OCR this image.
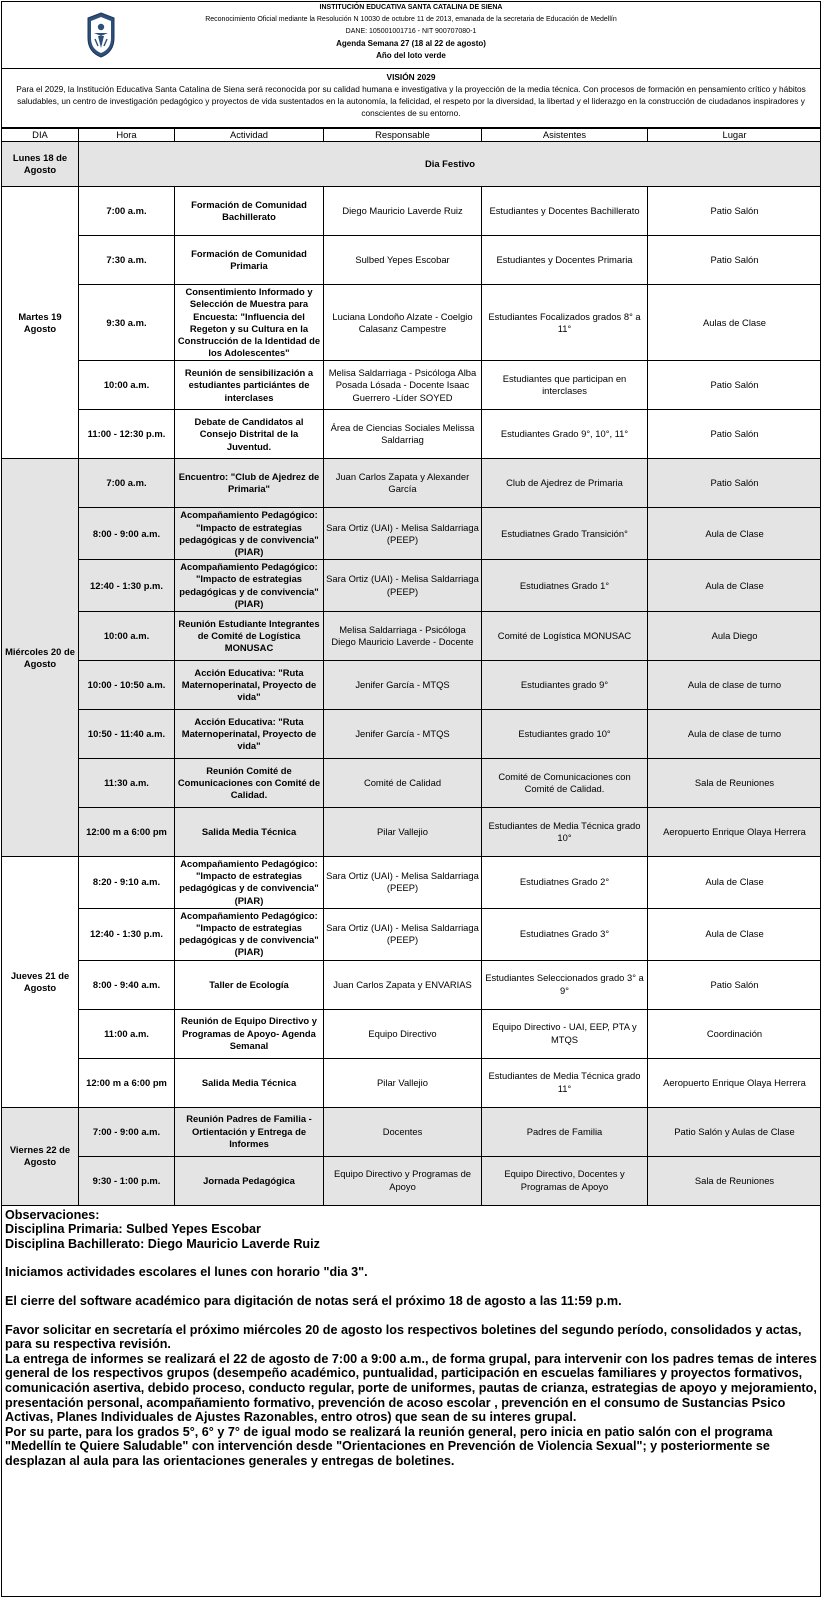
INSTITUCIÓN EDUCATIVA SANTA CATALINA DE SIENA
Reconocimiento Oficial mediante la Resolución N 10030 de octubre 11 de 2013, emanada de la secretaria de Educación de Medellín
DANE: 105001001716 - NIT 900707080-1
Agenda Semana 27 (18 al 22 de agosto)
Año del loto verde
VISIÓN 2029
Para el 2029, la Institución Educativa Santa Catalina de Siena será reconocida por su calidad humana e investigativa y la proyección de la media técnica. Con procesos de formación en pensamiento crítico y hábitos saludables, un centro de investigación pedagógico y proyectos de vida sustentados en la autonomía, la felicidad, el respeto por la diversidad, la libertad y el liderazgo en la construcción de ciudadanos inspiradores y conscientes de su entorno.
DIA	Hora	Actividad	Responsable	Asistentes	Lugar
Lunes 18 de Agosto	Dia Festivo				
Martes 19 Agosto	7:00 a.m.	Formación de Comunidad Bachillerato	Diego Mauricio Laverde Ruiz	Estudiantes y Docentes Bachillerato	Patio Salón
	7:30 a.m.	Formación de Comunidad Primaria	Sulbed Yepes Escobar	Estudiantes y Docentes Primaria	Patio Salón
	9:30 a.m.	Consentimiento Informado y Selección de Muestra para Encuesta: "Influencia del Regeton y su Cultura en la Construcción de la Identidad de los Adolescentes"	Luciana Londoño Alzate - Coelgio Calasanz Campestre	Estudiantes Focalizados grados 8° a 11°	Aulas de Clase
	10:00 a.m.	Reunión de sensibilización a estudiantes particiántes de interclases	Melisa Saldarriaga - Psicóloga Alba Posada Lósada - Docente Isaac Guerrero -Líder SOYED	Estudiantes que participan en interclases	Patio Salón
	11:00 - 12:30 p.m.	Debate de Candidatos al Consejo Distrital de la Juventud.	Área de Ciencias Sociales Melissa Saldarriag	Estudiantes Grado 9°, 10°, 11°	Patio Salón
Miércoles 20 de Agosto	7:00 a.m.	Encuentro: "Club de Ajedrez de Primaria"	Juan Carlos Zapata y Alexander García	Club de Ajedrez de Primaria	Patio Salón
	8:00 - 9:00 a.m.	Acompañamiento Pedagógico: "Impacto de estrategias pedagógicas y de convivencia" (PIAR)	Sara Ortiz (UAI) - Melisa Saldarriaga (PEEP)	Estudiatnes Grado Transición°	Aula de Clase
	12:40 - 1:30 p.m.	Acompañamiento Pedagógico: "Impacto de estrategias pedagógicas y de convivencia" (PIAR)	Sara Ortiz (UAI) - Melisa Saldarriaga (PEEP)	Estudiatnes Grado 1°	Aula de Clase
	10:00 a.m.	Reunión Estudiante Integrantes de Comité de Logística MONUSAC	Melisa Saldarriaga - Psicóloga Diego Mauricio Laverde - Docente	Comité de Logística MONUSAC	Aula Diego
	10:00 - 10:50 a.m.	Acción Educativa: "Ruta Maternoperinatal, Proyecto de vida"	Jenifer García - MTQS	Estudiantes grado 9°	Aula de clase de turno
	10:50 - 11:40 a.m.	Acción Educativa: "Ruta Maternoperinatal, Proyecto de vida"	Jenifer García - MTQS	Estudiantes grado 10°	Aula de clase de turno
	11:30 a.m.	Reunión Comité de Comunicaciones con Comité de Calidad.	Comité de Calidad	Comité de Comunicaciones con Comité de Calidad.	Sala de Reuniones
	12:00 m a 6:00 pm	Salida Media Técnica	Pilar Vallejio	Estudiantes de Media Técnica grado 10°	Aeropuerto Enrique Olaya Herrera
Jueves 21 de Agosto	8:20 - 9:10 a.m.	Acompañamiento Pedagógico: "Impacto de estrategias pedagógicas y de convivencia" (PIAR)	Sara Ortiz (UAI) - Melisa Saldarriaga (PEEP)	Estudiatnes Grado 2°	Aula de Clase
	12:40 - 1:30 p.m.	Acompañamiento Pedagógico: "Impacto de estrategias pedagógicas y de convivencia" (PIAR)	Sara Ortiz (UAI) - Melisa Saldarriaga (PEEP)	Estudiatnes Grado 3°	Aula de Clase
	8:00 - 9:40 a.m.	Taller de Ecología	Juan Carlos Zapata y ENVARIAS	Estudiantes Seleccionados grado 3° a 9°	Patio Salón
	11:00 a.m.	Reunión de Equipo Directivo y Programas de Apoyo- Agenda Semanal	Equipo Directivo	Equipo Directivo - UAI, EEP, PTA y MTQS	Coordinación
	12:00 m a 6:00 pm	Salida Media Técnica	Pilar Vallejio	Estudiantes de Media Técnica grado 11°	Aeropuerto Enrique Olaya Herrera
Viernes 22 de Agosto	7:00 - 9:00 a.m.	Reunión Padres de Familia - Ortientación y Entrega de Informes	Docentes	Padres de Familia	Patio Salón y Aulas de Clase
	9:30 - 1:00 p.m.	Jornada Pedagógica	Equipo Directivo y Programas de Apoyo	Equipo Directivo, Docentes y Programas de Apoyo	Sala de Reuniones

Observaciones:

Disciplina Primaria: Sulbed Yepes Escobar

Disciplina Bachillerato: Diego Mauricio Laverde Ruiz

Iniciamos actividades escolares el lunes con horario "dia 3".

El cierre del software académico para digitación de notas será el próximo 18 de agosto a las 11:59 p.m.

Favor solicitar en secretaría el próximo miércoles 20 de agosto los respectivos boletines del segundo período, consolidados y actas, para su respectiva revisión.

La entrega de informes se realizará el 22 de agosto de 7:00 a 9:00 a.m., de forma grupal, para intervenir con los padres temas de interes general de los respectivos grupos (desempeño académico, puntualidad, participación en escuelas familiares y proyectos formativos, comunicación asertiva, debido proceso, conducto regular, porte de uniformes, pautas de crianza, estrategias de apoyo y mejoramiento, presentación personal, acompañamiento formativo, prevención de acoso escolar , prevención en el consumo de Sustancias Psico Activas, Planes Individuales de Ajustes Razonables, entro otros) que sean de su interes grupal.

Por su parte, para los grados 5°, 6° y 7° de igual modo se realizará la reunión general, pero inicia en patio salón con el programa "Medellín te Quiere Saludable" con intervención desde "Orientaciones en Prevención de Violencia Sexual"; y posteriormente se desplazan al aula para las orientaciones generales y entregas de boletines.
